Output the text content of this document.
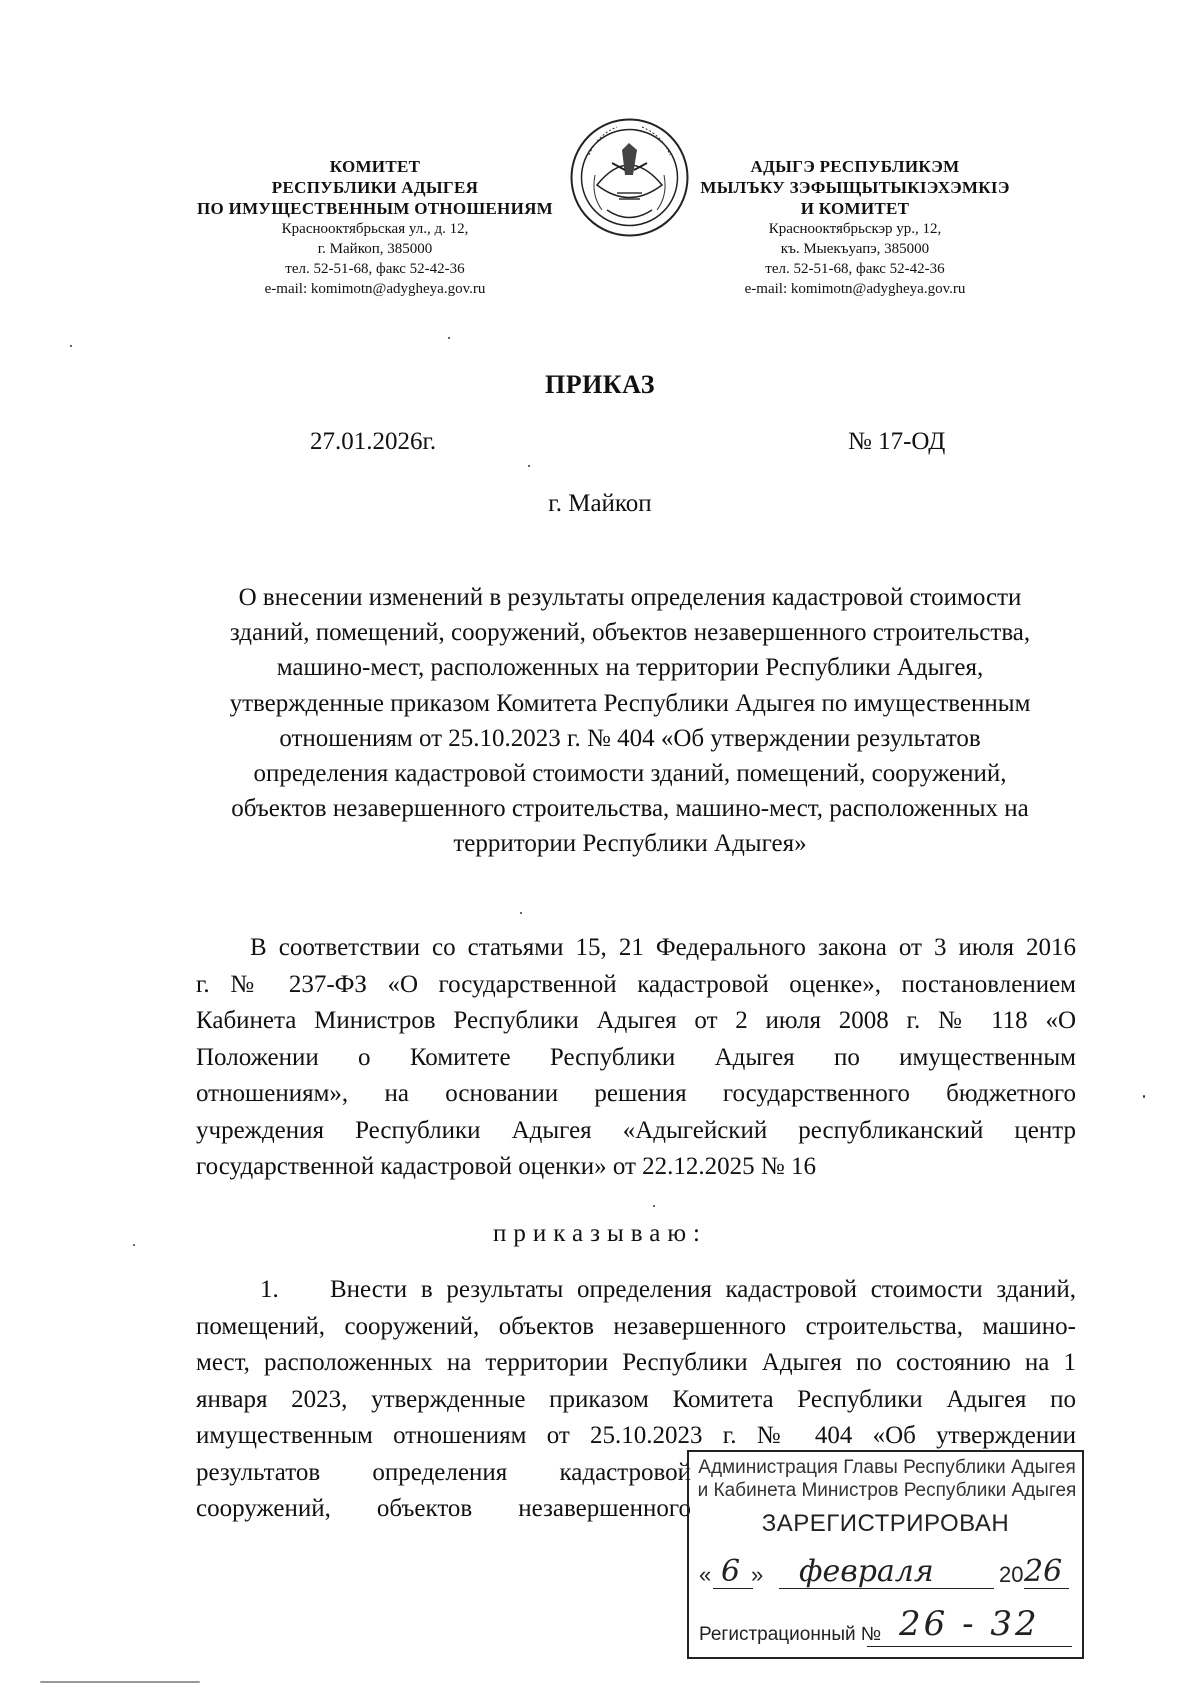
КОМИТЕТ
РЕСПУБЛИКИ АДЫГЕЯ
ПО ИМУЩЕСТВЕННЫМ ОТНОШЕНИЯМ
Краснооктябрьская ул., д. 12,
г. Майкоп, 385000
тел. 52-51-68, факс 52-42-36
e-mail: komimotn@adygheya.gov.ru
АДЫГЭ РЕСПУБЛИКЭМ
МЫЛЪКУ ЗЭФЫЩЫТЫКIЭХЭМКIЭ
И КОМИТЕТ
Краснооктябрьскэр ур., 12,
къ. Мыекъуапэ, 385000
тел. 52-51-68, факс 52-42-36
e-mail: komimotn@adygheya.gov.ru
ПРИКАЗ
27.01.2026г.	№ 17-ОД
г. Майкоп
О внесении изменений в результаты определения кадастровой стоимости
зданий, помещений, сооружений, объектов незавершенного строительства,
машино-мест, расположенных на территории Республики Адыгея,
утвержденные приказом Комитета Республики Адыгея по имущественным
отношениям от 25.10.2023 г. № 404 «Об утверждении результатов
определения кадастровой стоимости зданий, помещений, сооружений,
объектов незавершенного строительства, машино-мест, расположенных на
территории Республики Адыгея»
В соответствии со статьями 15, 21 Федерального закона от 3 июля 2016
г. № 237-ФЗ «О государственной кадастровой оценке», постановлением
Кабинета Министров Республики Адыгея от 2 июля 2008 г. № 118 «О
Положении о Комитете Республики Адыгея по имущественным
отношениям», на основании решения государственного бюджетного
учреждения Республики Адыгея «Адыгейский республиканский центр
государственной кадастровой оценки» от 22.12.2025 № 16
приказываю:
1. Внести в результаты определения кадастровой стоимости зданий,
помещений, сооружений, объектов незавершенного строительства, машино-
мест, расположенных на территории Республики Адыгея по состоянию на 1
января 2023, утвержденные приказом Комитета Республики Адыгея по
имущественным отношениям от 25.10.2023 г. № 404 «Об утверждении
результатов определения кадастровой
сооружений, объектов незавершенного
Администрация Главы Республики Адыгея
и Кабинета Министров Республики Адыгея
ЗАРЕГИСТРИРОВАН
« 6 » февраля	20 26
Регистрационный № 26 - 32
